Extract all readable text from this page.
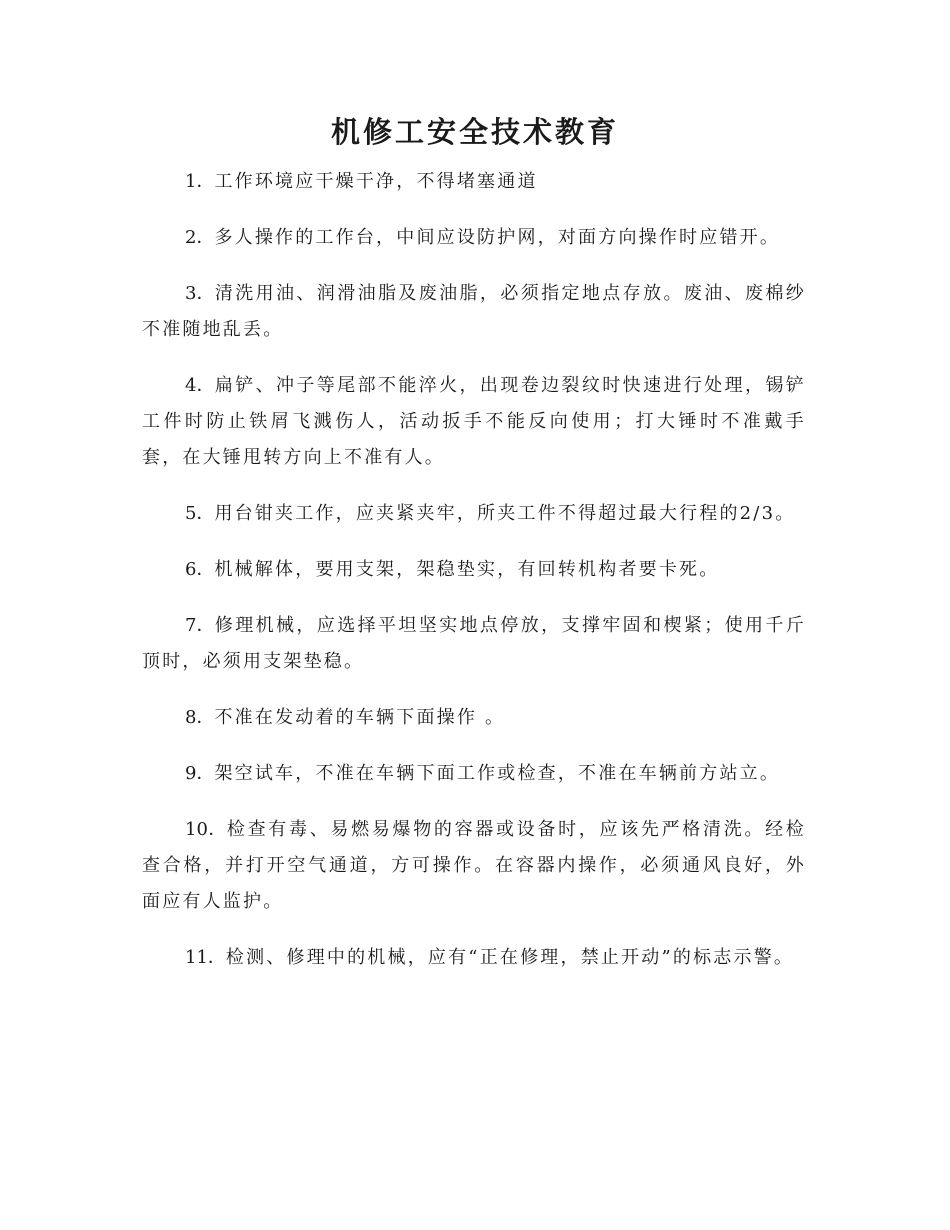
机修工安全技术教育

1．工作环境应干燥干净，不得堵塞通道

2．多人操作的工作台，中间应设防护网，对面方向操作时应错开。

3．清洗用油、润滑油脂及废油脂，必须指定地点存放。废油、废棉纱不准随地乱丢。

4．扁铲、冲子等尾部不能淬火，出现卷边裂纹时快速进行处理，锡铲工件时防止铁屑飞溅伤人，活动扳手不能反向使用；打大锤时不准戴手套，在大锤甩转方向上不准有人。

5．用台钳夹工作，应夹紧夹牢，所夹工件不得超过最大行程的2/3。

6．机械解体，要用支架，架稳垫实，有回转机构者要卡死。

7．修理机械，应选择平坦坚实地点停放，支撑牢固和楔紧；使用千斤顶时，必须用支架垫稳。

8．不准在发动着的车辆下面操作 。

9．架空试车，不准在车辆下面工作或检查，不准在车辆前方站立。

10．检查有毒、易燃易爆物的容器或设备时，应该先严格清洗。经检查合格，并打开空气通道，方可操作。在容器内操作，必须通风良好，外面应有人监护。

11．检测、修理中的机械，应有“正在修理，禁止开动”的标志示警。
